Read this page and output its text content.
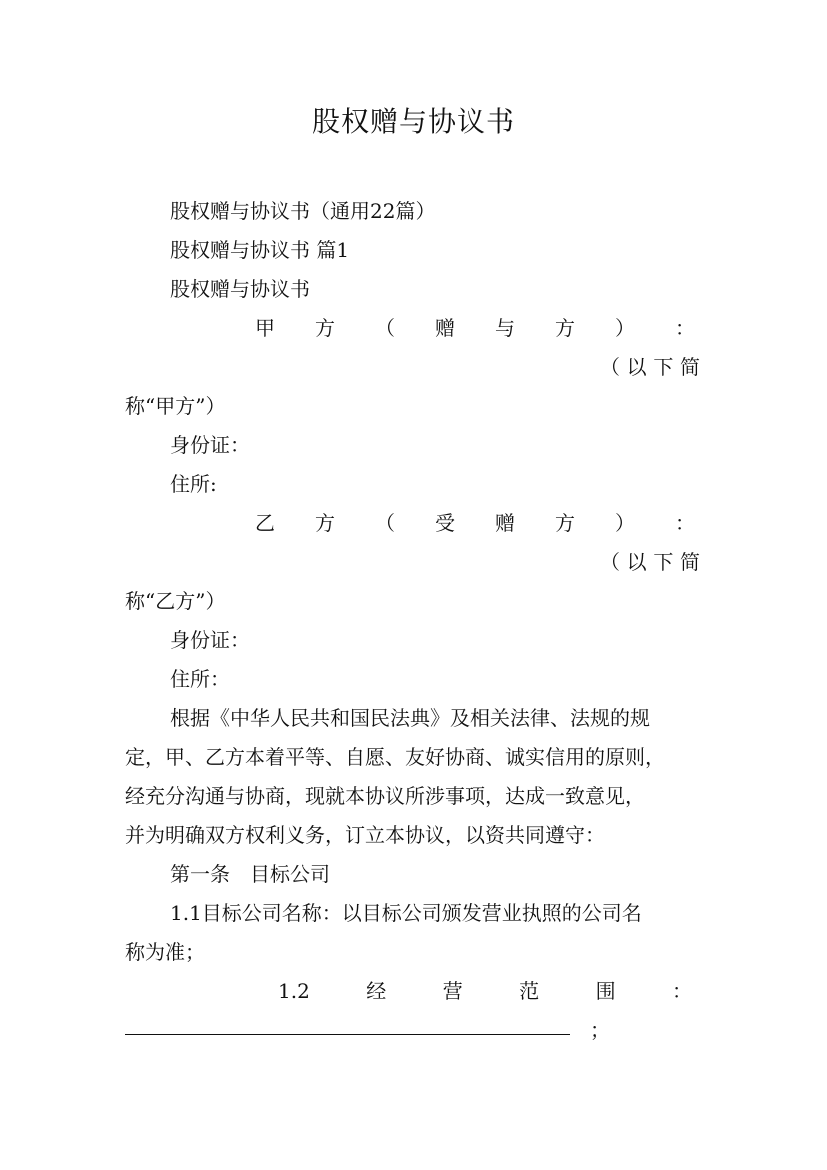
股权赠与协议书
股权赠与协议书（通用22篇）
股权赠与协议书 篇1
股权赠与协议书
甲 方 （ 赠 与 方 ） ：
（ 以 下 简
称“甲方”）
身份证：
住所:
乙 方 （ 受 赠 方 ） ：
（ 以 下 简
称“乙方”）
身份证：
住所：
根据《中华人民共和国民法典》及相关法律、法规的规
定，甲、乙方本着平等、自愿、友好协商、诚实信用的原则，
经充分沟通与协商，现就本协议所涉事项，达成一致意见，
并为明确双方权利义务，订立本协议，以资共同遵守：
第一条　目标公司
1.1目标公司名称：以目标公司颁发营业执照的公司名
称为准；
1.2	经	营	范	围	：
；
